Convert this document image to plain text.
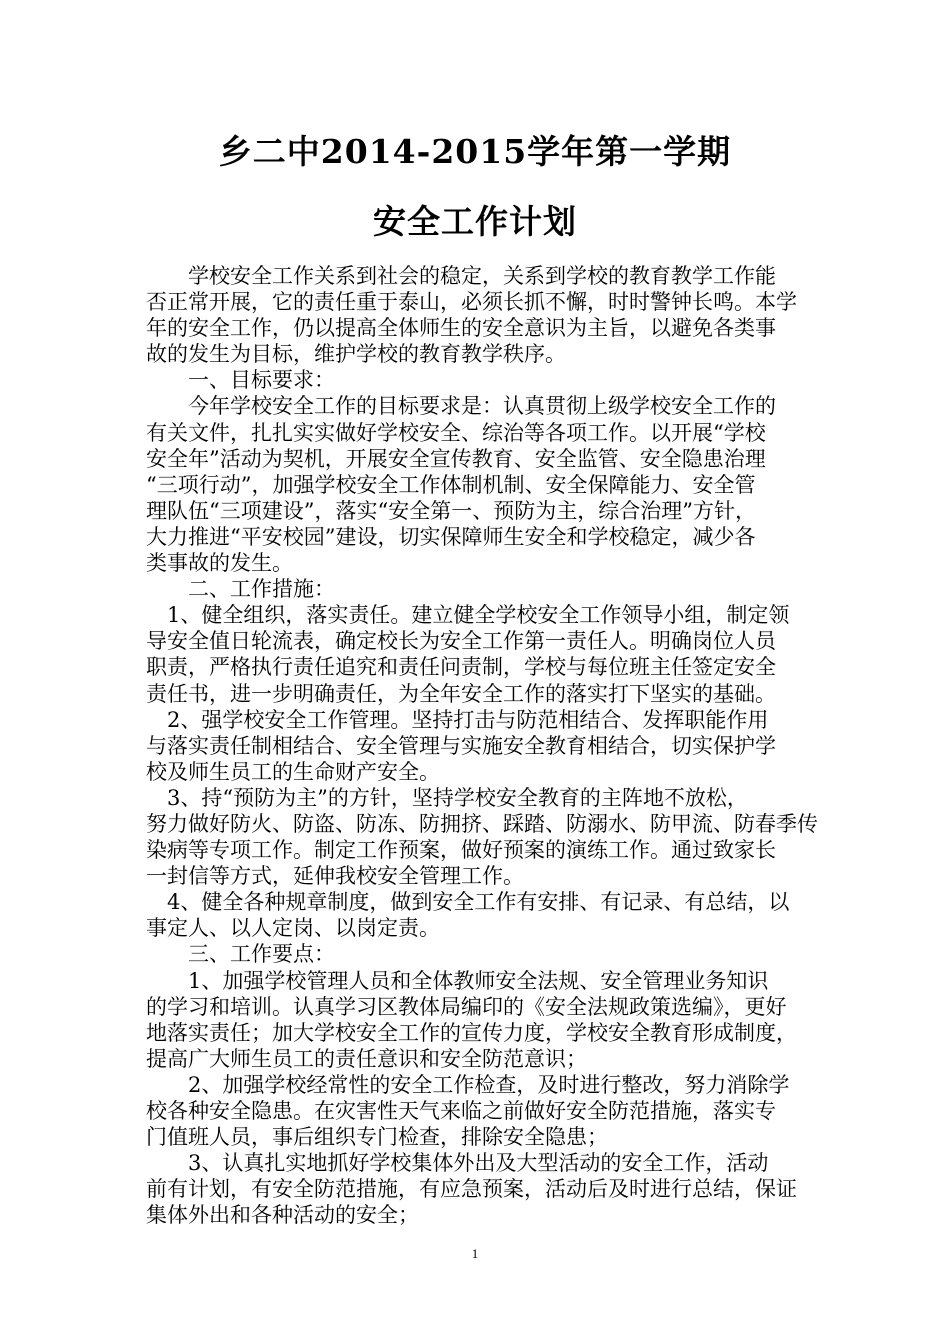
乡二中2014-2015学年第一学期
安全工作计划
　　学校安全工作关系到社会的稳定，关系到学校的教育教学工作能
否正常开展，它的责任重于泰山，必须长抓不懈，时时警钟长鸣。本学
年的安全工作，仍以提高全体师生的安全意识为主旨，以避免各类事
故的发生为目标，维护学校的教育教学秩序。
　　一、目标要求：
　　今年学校安全工作的目标要求是：认真贯彻上级学校安全工作的
有关文件，扎扎实实做好学校安全、综治等各项工作。以开展“学校
安全年”活动为契机，开展安全宣传教育、安全监管、安全隐患治理
“三项行动”，加强学校安全工作体制机制、安全保障能力、安全管
理队伍“三项建设”，落实“安全第一、预防为主，综合治理”方针，
大力推进“平安校园”建设，切实保障师生安全和学校稳定，减少各
类事故的发生。
　　二、工作措施：
　1、健全组织，落实责任。建立健全学校安全工作领导小组，制定领
导安全值日轮流表，确定校长为安全工作第一责任人。明确岗位人员
职责，严格执行责任追究和责任问责制，学校与每位班主任签定安全
责任书，进一步明确责任，为全年安全工作的落实打下坚实的基础。
　2、强学校安全工作管理。坚持打击与防范相结合、发挥职能作用
与落实责任制相结合、安全管理与实施安全教育相结合，切实保护学
校及师生员工的生命财产安全。
　3、持“预防为主”的方针，坚持学校安全教育的主阵地不放松，
努力做好防火、防盗、防冻、防拥挤、踩踏、防溺水、防甲流、防春季传
染病等专项工作。制定工作预案，做好预案的演练工作。通过致家长
一封信等方式，延伸我校安全管理工作。
　4、健全各种规章制度，做到安全工作有安排、有记录、有总结，以
事定人、以人定岗、以岗定责。
　　三、工作要点：
　　1、加强学校管理人员和全体教师安全法规、安全管理业务知识
的学习和培训。认真学习区教体局编印的《安全法规政策选编》，更好
地落实责任；加大学校安全工作的宣传力度，学校安全教育形成制度，
提高广大师生员工的责任意识和安全防范意识；
　　2、加强学校经常性的安全工作检查，及时进行整改，努力消除学
校各种安全隐患。在灾害性天气来临之前做好安全防范措施，落实专
门值班人员，事后组织专门检查，排除安全隐患；
　　3、认真扎实地抓好学校集体外出及大型活动的安全工作，活动
前有计划，有安全防范措施，有应急预案，活动后及时进行总结，保证
集体外出和各种活动的安全；
1
